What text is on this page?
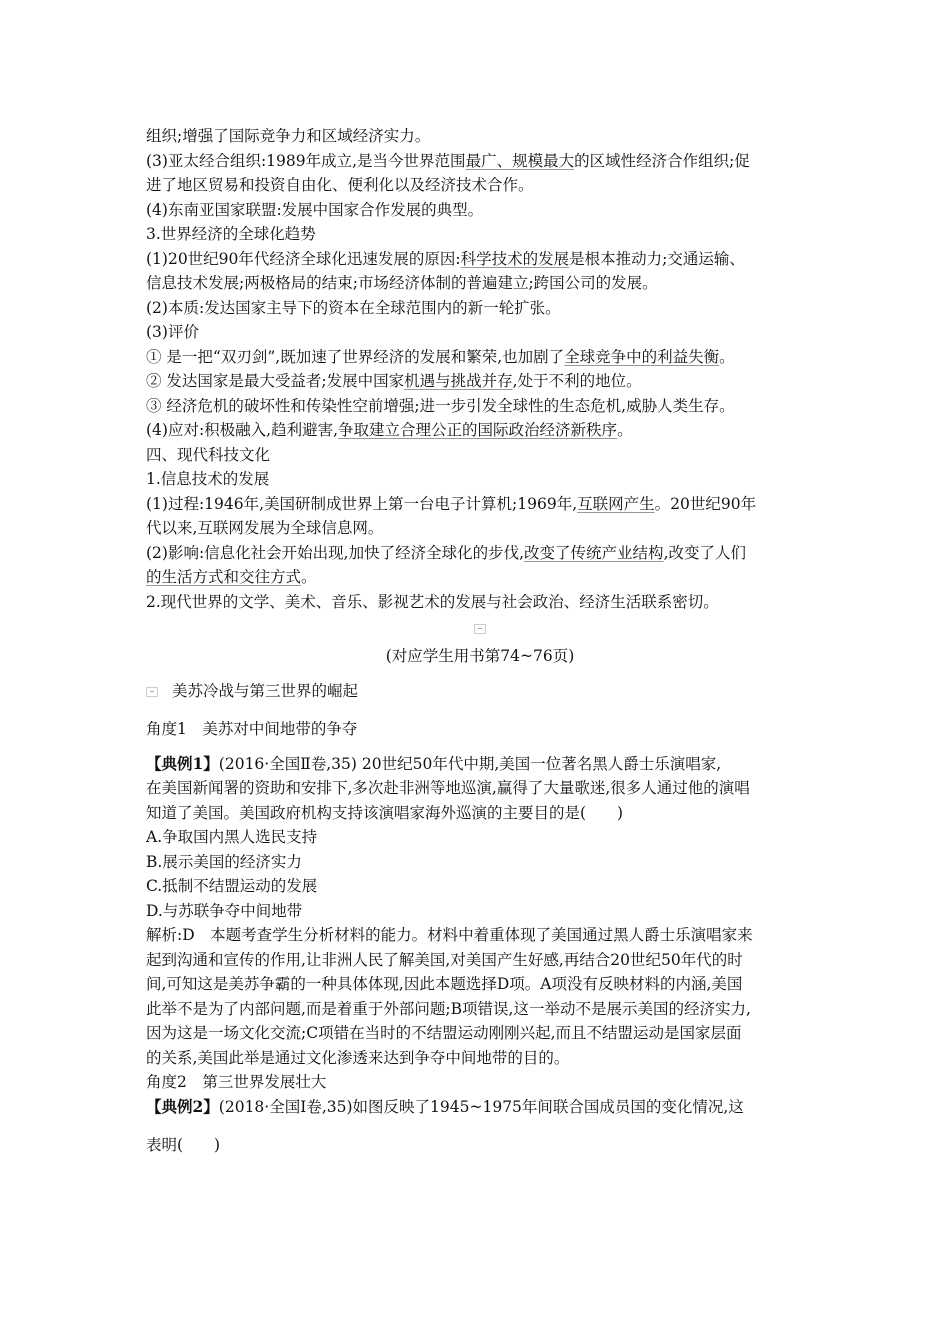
组织;增强了国际竞争力和区域经济实力。
(3)亚太经合组织:1989年成立,是当今世界范围最广、规模最大的区域性经济合作组织;促
进了地区贸易和投资自由化、便利化以及经济技术合作。
(4)东南亚国家联盟:发展中国家合作发展的典型。
3.世界经济的全球化趋势
(1)20世纪90年代经济全球化迅速发展的原因:科学技术的发展是根本推动力;交通运输、
信息技术发展;两极格局的结束;市场经济体制的普遍建立;跨国公司的发展。
(2)本质:发达国家主导下的资本在全球范围内的新一轮扩张。
(3)评价
① 是一把“双刃剑”,既加速了世界经济的发展和繁荣,也加剧了全球竞争中的利益失衡。
② 发达国家是最大受益者;发展中国家机遇与挑战并存,处于不利的地位。
③ 经济危机的破坏性和传染性空前增强;进一步引发全球性的生态危机,威胁人类生存。
(4)应对:积极融入,趋利避害,争取建立合理公正的国际政治经济新秩序。
四、现代科技文化
1.信息技术的发展
(1)过程:1946年,美国研制成世界上第一台电子计算机;1969年,互联网产生。20世纪90年
代以来,互联网发展为全球信息网。
(2)影响:信息化社会开始出现,加快了经济全球化的步伐,改变了传统产业结构,改变了人们
的生活方式和交往方式。
2.现代世界的文学、美术、音乐、影视艺术的发展与社会政治、经济生活联系密切。
(对应学生用书第74~76页)
美苏冷战与第三世界的崛起
角度1　美苏对中间地带的争夺
【典例1】(2016·全国Ⅱ卷,35) 20世纪50年代中期,美国一位著名黑人爵士乐演唱家,
在美国新闻署的资助和安排下,多次赴非洲等地巡演,赢得了大量歌迷,很多人通过他的演唱
知道了美国。美国政府机构支持该演唱家海外巡演的主要目的是(　　)
A.争取国内黑人选民支持
B.展示美国的经济实力
C.抵制不结盟运动的发展
D.与苏联争夺中间地带
解析:D　本题考查学生分析材料的能力。材料中着重体现了美国通过黑人爵士乐演唱家来
起到沟通和宣传的作用,让非洲人民了解美国,对美国产生好感,再结合20世纪50年代的时
间,可知这是美苏争霸的一种具体体现,因此本题选择D项。A项没有反映材料的内涵,美国
此举不是为了内部问题,而是着重于外部问题;B项错误,这一举动不是展示美国的经济实力,
因为这是一场文化交流;C项错在当时的不结盟运动刚刚兴起,而且不结盟运动是国家层面
的关系,美国此举是通过文化渗透来达到争夺中间地带的目的。
角度2　第三世界发展壮大
【典例2】(2018·全国Ⅰ卷,35)如图反映了1945~1975年间联合国成员国的变化情况,这
表明(　　)
